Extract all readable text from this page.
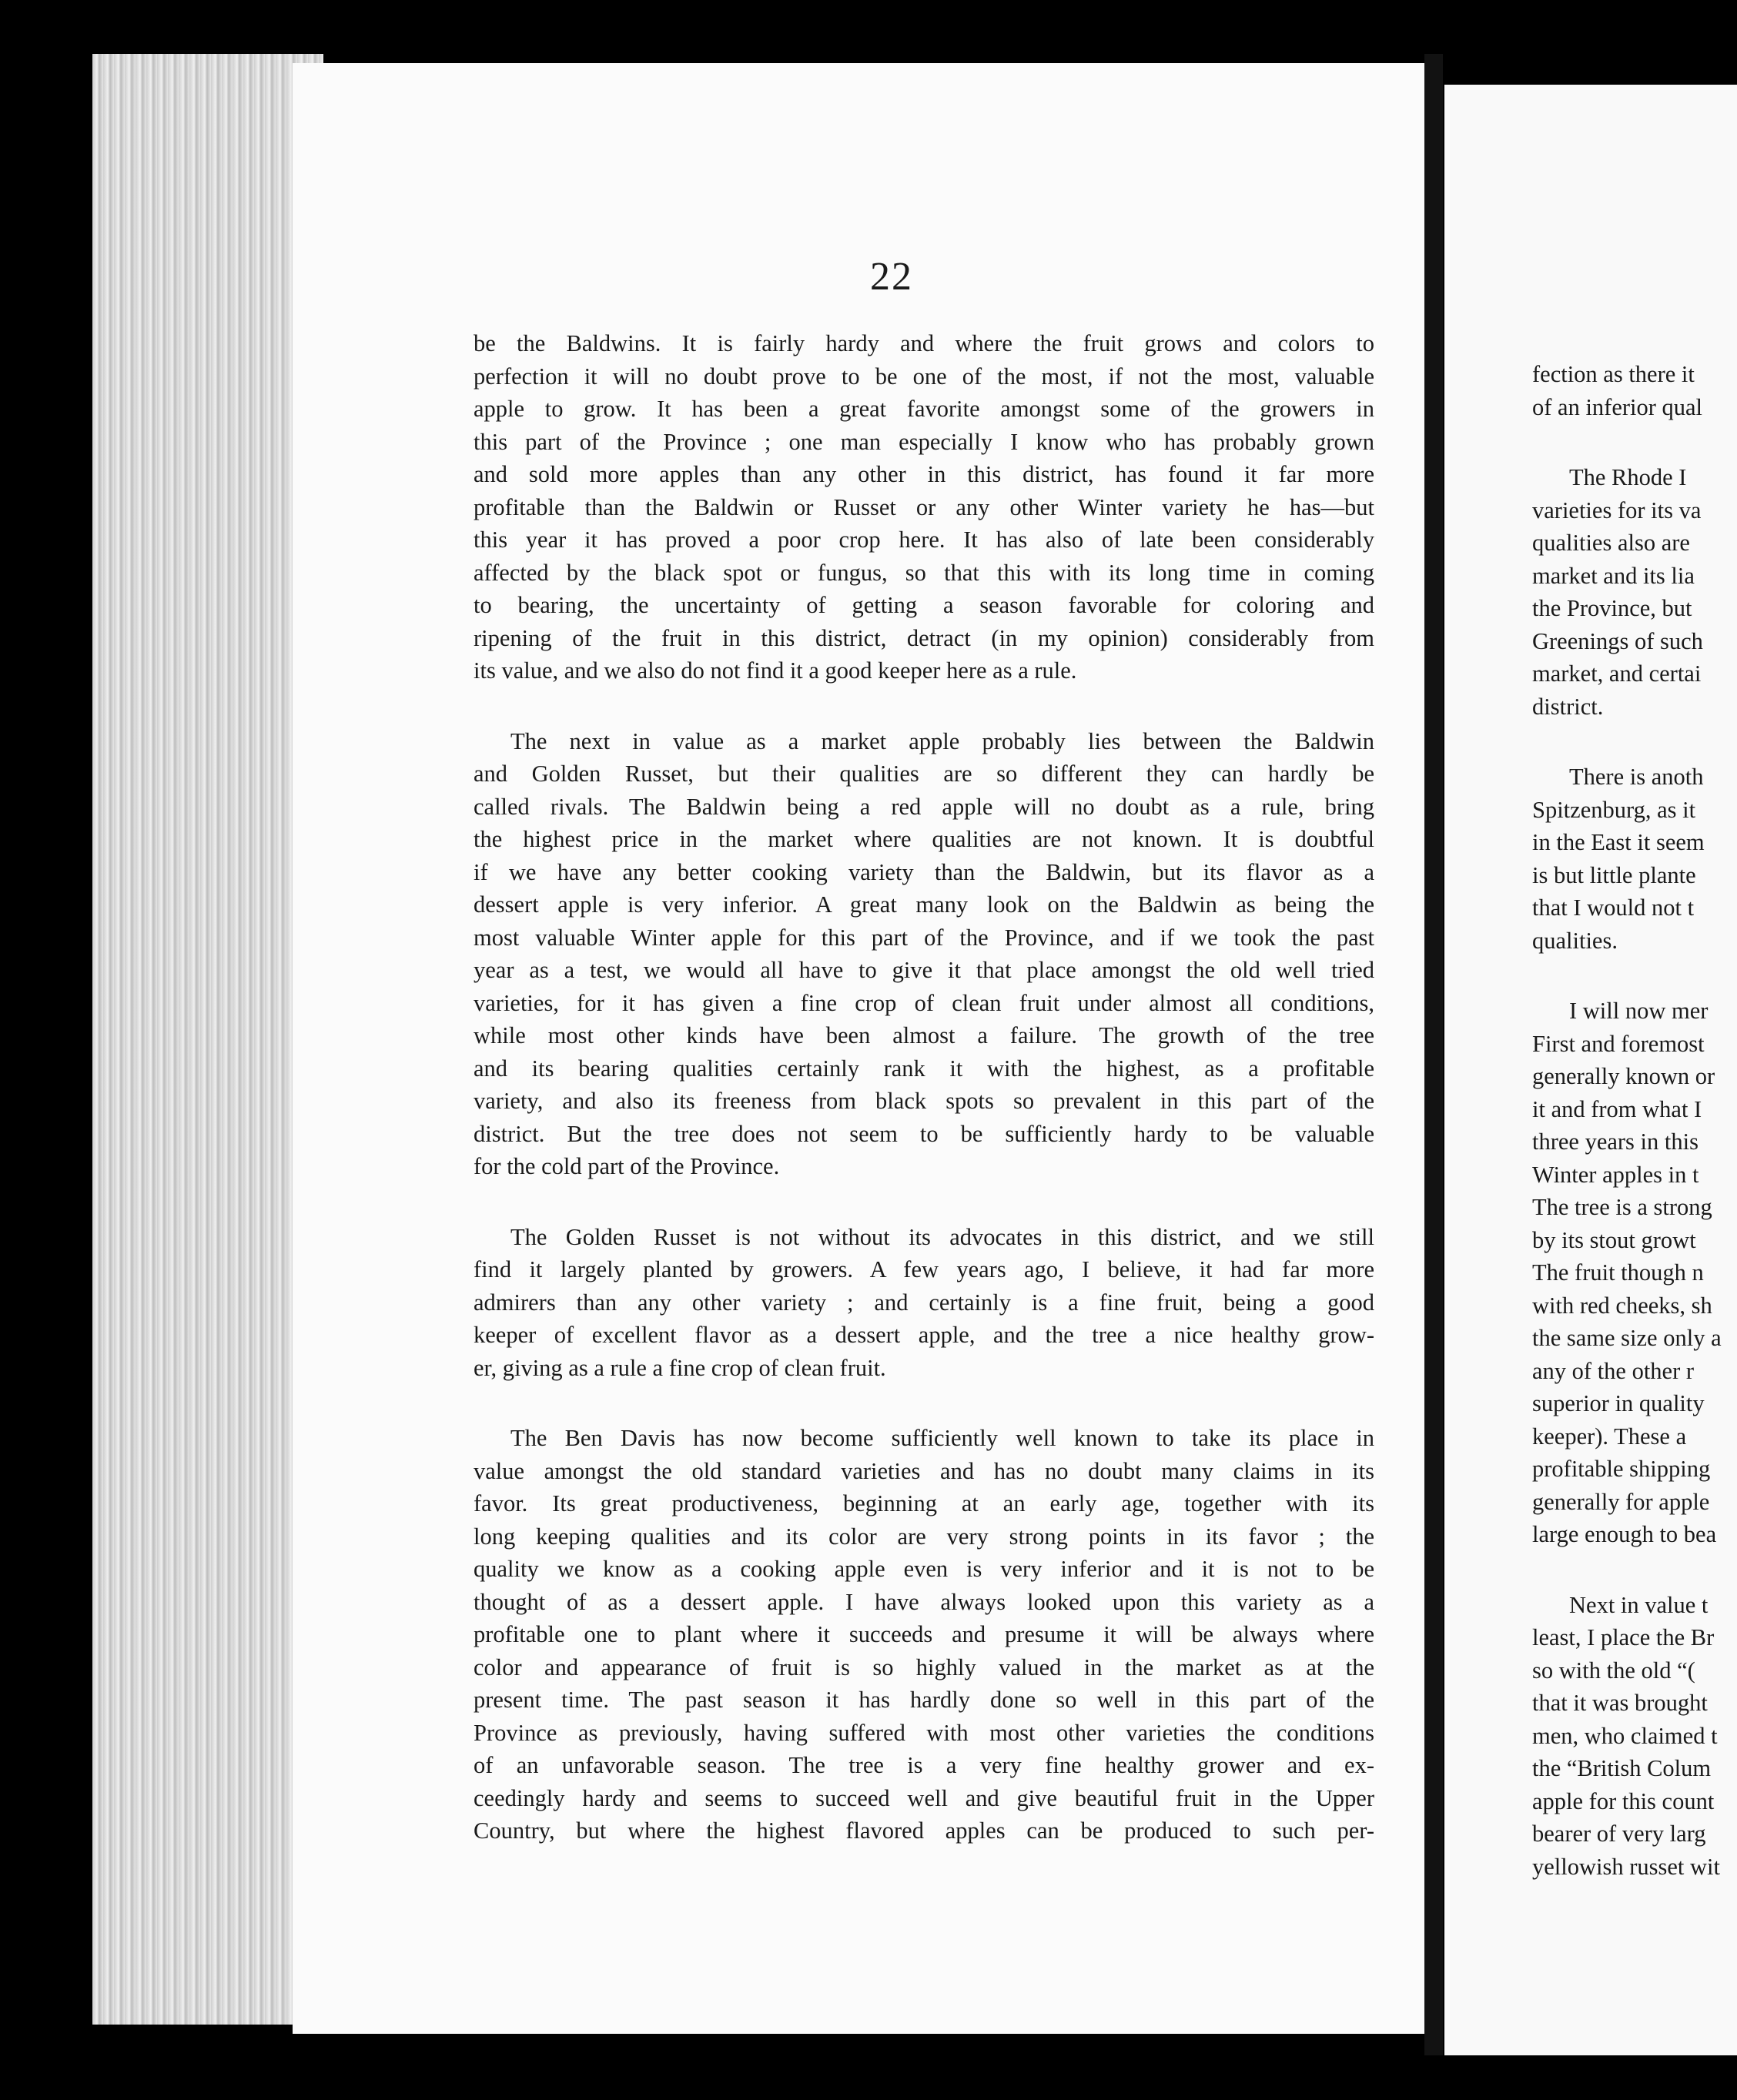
22

be the Baldwins. It is fairly hardy and where the fruit grows and colors to
perfection it will no doubt prove to be one of the most, if not the most, valuable
apple to grow. It has been a great favorite amongst some of the growers in
this part of the Province ; one man especially I know who has probably grown
and sold more apples than any other in this district, has found it far more
profitable than the Baldwin or Russet or any other Winter variety he has—but
this year it has proved a poor crop here. It has also of late been considerably
affected by the black spot or fungus, so that this with its long time in coming
to bearing, the uncertainty of getting a season favorable for coloring and
ripening of the fruit in this district, detract (in my opinion) considerably from
its value, and we also do not find it a good keeper here as a rule.

The next in value as a market apple probably lies between the Baldwin
and Golden Russet, but their qualities are so different they can hardly be
called rivals. The Baldwin being a red apple will no doubt as a rule, bring
the highest price in the market where qualities are not known. It is doubtful
if we have any better cooking variety than the Baldwin, but its flavor as a
dessert apple is very inferior. A great many look on the Baldwin as being the
most valuable Winter apple for this part of the Province, and if we took the past
year as a test, we would all have to give it that place amongst the old well tried
varieties, for it has given a fine crop of clean fruit under almost all conditions,
while most other kinds have been almost a failure. The growth of the tree
and its bearing qualities certainly rank it with the highest, as a profitable
variety, and also its freeness from black spots so prevalent in this part of the
district. But the tree does not seem to be sufficiently hardy to be valuable
for the cold part of the Province.

The Golden Russet is not without its advocates in this district, and we still
find it largely planted by growers. A few years ago, I believe, it had far more
admirers than any other variety ; and certainly is a fine fruit, being a good
keeper of excellent flavor as a dessert apple, and the tree a nice healthy grow-
er, giving as a rule a fine crop of clean fruit.

The Ben Davis has now become sufficiently well known to take its place in
value amongst the old standard varieties and has no doubt many claims in its
favor. Its great productiveness, beginning at an early age, together with its
long keeping qualities and its color are very strong points in its favor ; the
quality we know as a cooking apple even is very inferior and it is not to be
thought of as a dessert apple. I have always looked upon this variety as a
profitable one to plant where it succeeds and presume it will be always where
color and appearance of fruit is so highly valued in the market as at the
present time. The past season it has hardly done so well in this part of the
Province as previously, having suffered with most other varieties the conditions
of an unfavorable season. The tree is a very fine healthy grower and ex-
ceedingly hardy and seems to succeed well and give beautiful fruit in the Upper
Country, but where the highest flavored apples can be produced to such per-

fection as there it
of an inferior qual
The Rhode I
varieties for its va
qualities also are
market and its lia
the Province, but
Greenings of such
market, and certai
district.
There is anoth
Spitzenburg, as it
in the East it seem
is but little plante
that I would not t
qualities.
I will now mer
First and foremost
generally known or
it and from what I
three years in this
Winter apples in t
The tree is a strong
by its stout growt
The fruit though n
with red cheeks, sh
the same size only a
any of the other r
superior in quality
keeper). These a
profitable shipping
generally for apple
large enough to bea
Next in value t
least, I place the Br
so with the old “(
that it was brought
men, who claimed t
the “British Colum
apple for this count
bearer of very larg
yellowish russet wit
